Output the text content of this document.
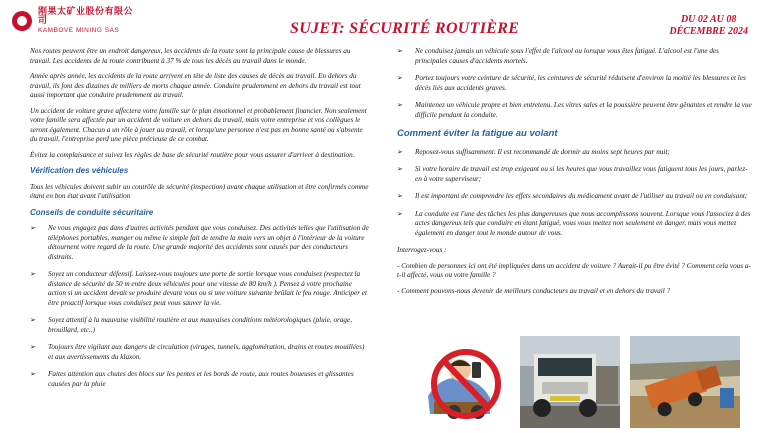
刚果太矿业股份有限公司
KAMBOVE MINING SAS	SUJET: SÉCURITÉ ROUTIÈRE
DU 02 AU 08
DÉCEMBRE 2024

Nos routes peuvent être un endroit dangereux, les accidents de la route sont la principale cause de blessures au travail. Les accidents de la route contribuent à 37 % de tous les décès au travail dans le monde.

Année après année, les accidents de la route arrivent en tête de liste des causes de décès au travail. En dehors du travail, ils font des dizaines de milliers de morts chaque année. Conduire prudemment en dehors du travail est tout aussi important que conduire prudemment au travail.

Un accident de voiture grave affectera votre famille sur le plan émotionnel et probablement financier. Non seulement votre famille sera affectée par un accident de voiture en dehors du travail, mais votre entreprise et vos collègues le seront également. Chacun a un rôle à jouer au travail, et lorsqu'une personne n'est pas en bonne santé ou s'absente du travail, l'entreprise perd une pièce précieuse de ce combat.

Évitez la complaisance et suivez les règles de base de sécurité routière pour vous assurer d'arriver à destination.

Vérification des véhicules

Tous les véhicules doivent subir un contrôle de sécurité (inspection) avant chaque utilisation et être confirmés comme étant en bon état avant l'utilisation

Conseils de conduite sécuritaire
➢ Ne vous engagez pas dans d'autres activités pendant que vous conduisez. Des activités telles que l'utilisation de téléphones portables, manger ou même le simple fait de tendre la main vers un objet à l'intérieur de la voiture détournent votre regard de la route. Une grande majorité des accidents sont causés par des conducteurs distraits.
➢ Soyez un conducteur défensif. Laissez-vous toujours une porte de sortie lorsque vous conduisez (respectez la distance de sécurité de 50 m entre deux véhicules pour une vitesse de 80 km/h ). Pensez à votre prochaine action si un accident devait se produire devant vous ou si une voiture suivante brûlait le feu rouge. Anticiper et être proactif lorsque vous conduisez peut vous sauver la vie.
➢ Soyez attentif à la mauvaise visibilité routière et aux mauvaises conditions météorologiques (pluie, orage, brouillard, etc..)
➢ Toujours être vigilant aux dangers de circulation (virages, tunnels, agglomération, drains et routes mouillées) et aux avertissements du klaxon.
➢ Faites attention aux chutes des blocs sur les pentes et les bords de route, aux routes boueuses et glissantes causées par la pluie
➢ Ne conduisez jamais un véhicule sous l'effet de l'alcool ou lorsque vous êtes fatigué. L'alcool est l'une des principales causes d'accidents mortels.
➢ Portez toujours votre ceinture de sécurité, les ceintures de sécurité réduisent d'environ la moitié les blessures et les décès liés aux accidents graves.
➢ Maintenez un véhicule propre et bien entretenu. Les vitres sales et la poussière peuvent être gênantes et rendre la vue difficile pendant la conduite.
Comment éviter la fatigue au volant
➢ Reposez-vous suffisamment. Il est recommandé de dormir au moins sept heures par nuit;
➢ Si votre horaire de travail est trop exigeant ou si les heures que vous travaillez vous fatiguent tous les jours, parlez-en à votre superviseur;
➢ Il est important de comprendre les effets secondaires du médicament avant de l'utiliser au travail ou en conduisant;
➢ La conduite est l'une des tâches les plus dangereuses que nous accomplissons souvent. Lorsque vous l'associez à des actes dangereux tels que conduire en étant fatigué, vous vous mettez non seulement en danger, mais vous mettez également en danger tout le monde autour de vous.

Interrogez-vous :

- Combien de personnes ici ont été impliquées dans un accident de voiture ? Aurait-il pu être évité ? Comment cela vous a-t-il affecté, vous ou votre famille ?

- Comment pouvons-nous devenir de meilleurs conducteurs au travail et en dehors du travail ?
